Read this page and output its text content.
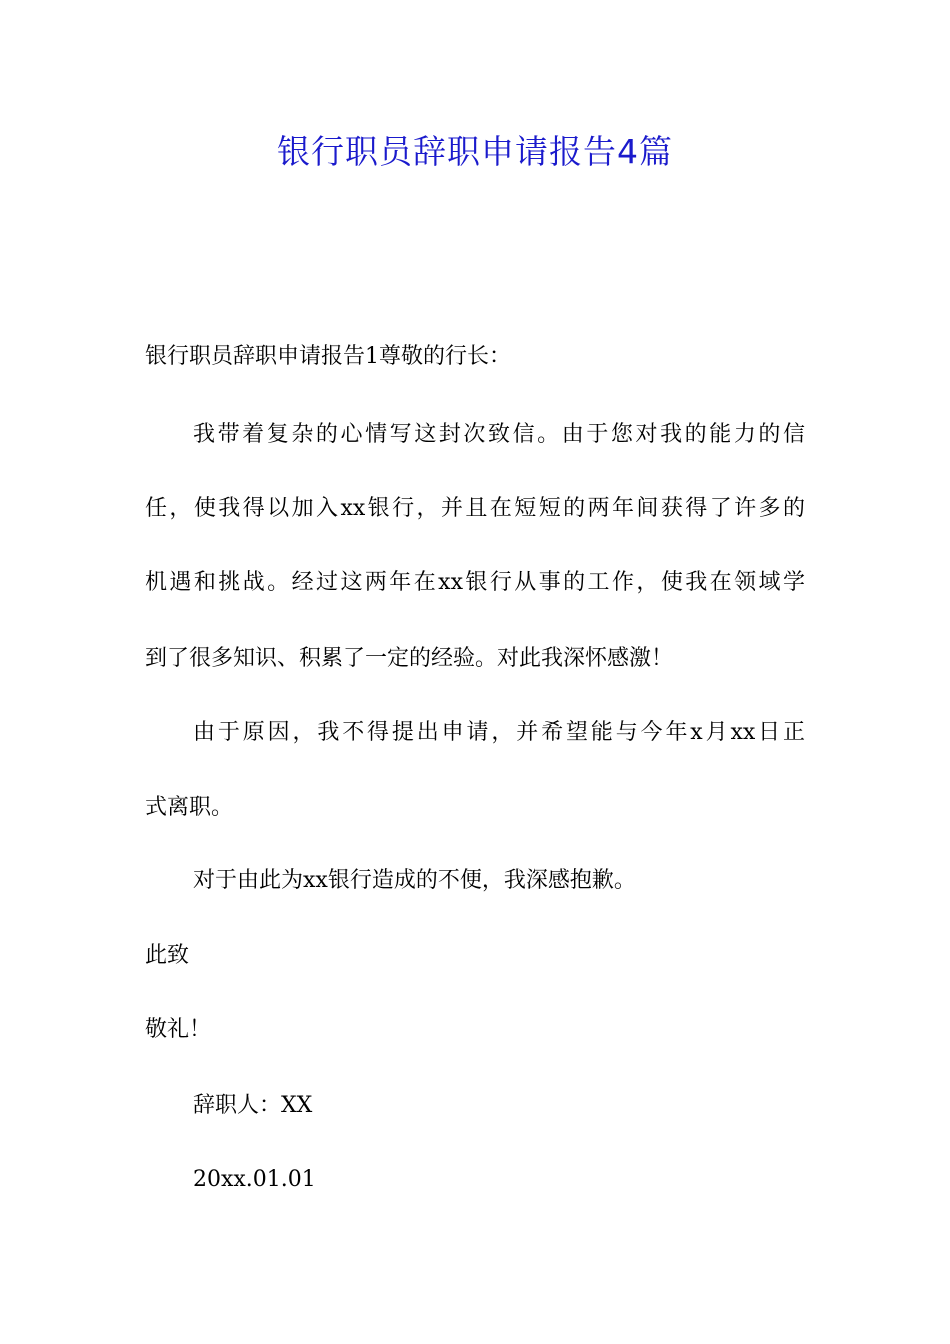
银行职员辞职申请报告4篇

银行职员辞职申请报告1尊敬的行长：

我带着复杂的心情写这封次致信。由于您对我的能力的信

任，使我得以加入xx银行，并且在短短的两年间获得了许多的

机遇和挑战。经过这两年在xx银行从事的工作，使我在领域学

到了很多知识、积累了一定的经验。对此我深怀感激！

由于原因，我不得提出申请，并希望能与今年x月xx日正

式离职。

对于由此为xx银行造成的不便，我深感抱歉。

此致

敬礼！

辞职人：XX

20xx.01.01
